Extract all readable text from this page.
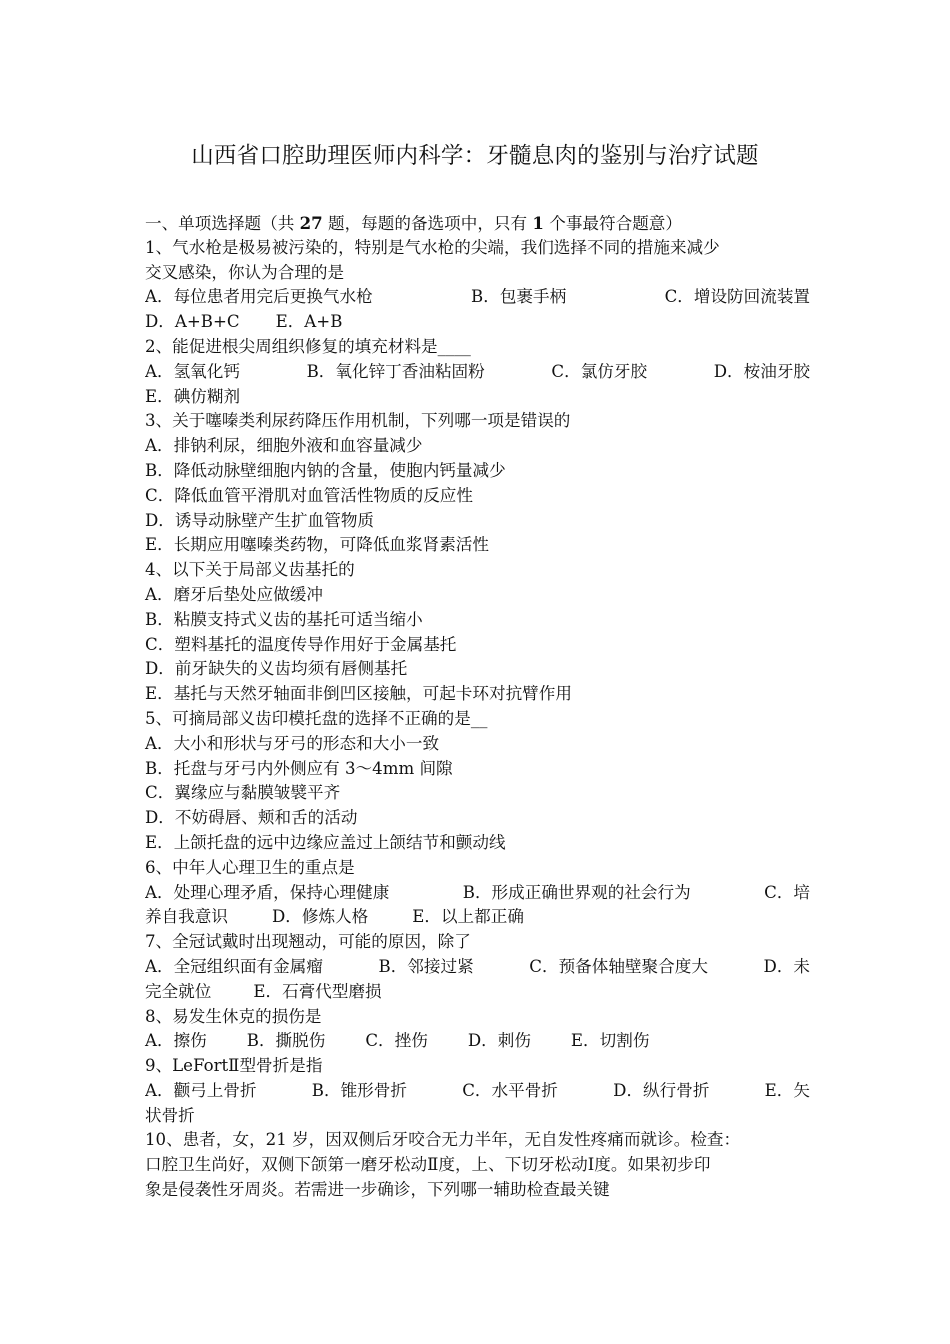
山西省口腔助理医师内科学：牙髓息肉的鉴别与治疗试题
一、单项选择题（共 27 题，每题的备选项中，只有 1 个事最符合题意）
1、气水枪是极易被污染的，特别是气水枪的尖端，我们选择不同的措施来减少
交叉感染，你认为合理的是
A．每位患者用完后更换气水枪	B．包裹手柄	C．增设防回流装置
D．A+B+C E．A+B
2、能促进根尖周组织修复的填充材料是____
A．氢氧化钙	B．氧化锌丁香油粘固粉	C．氯仿牙胶	D．桉油牙胶
E．碘仿糊剂
3、关于噻嗪类利尿药降压作用机制，下列哪一项是错误的
A．排钠利尿，细胞外液和血容量减少
B．降低动脉壁细胞内钠的含量，使胞内钙量减少
C．降低血管平滑肌对血管活性物质的反应性
D．诱导动脉壁产生扩血管物质
E．长期应用噻嗪类药物，可降低血浆肾素活性
4、以下关于局部义齿基托的
A．磨牙后垫处应做缓冲
B．粘膜支持式义齿的基托可适当缩小
C．塑料基托的温度传导作用好于金属基托
D．前牙缺失的义齿均须有唇侧基托
E．基托与天然牙轴面非倒凹区接触，可起卡环对抗臂作用
5、可摘局部义齿印模托盘的选择不正确的是__
A．大小和形状与牙弓的形态和大小一致
B．托盘与牙弓内外侧应有 3～4mm 间隙
C．翼缘应与黏膜皱襞平齐
D．不妨碍唇、颊和舌的活动
E．上颌托盘的远中边缘应盖过上颌结节和颤动线
6、中年人心理卫生的重点是
A．处理心理矛盾，保持心理健康	B．形成正确世界观的社会行为	C．培
养自我意识	D．修炼人格	E．以上都正确
7、全冠试戴时出现翘动，可能的原因，除了
A．全冠组织面有金属瘤	B．邻接过紧	C．预备体轴壁聚合度大	D．未
完全就位	E．石膏代型磨损
8、易发生休克的损伤是
A．擦伤 B．撕脱伤 C．挫伤 D．刺伤 E．切割伤
9、LeFortⅡ型骨折是指
A．颧弓上骨折	B．锥形骨折	C．水平骨折	D．纵行骨折	E．矢
状骨折
10、患者，女，21 岁，因双侧后牙咬合无力半年，无自发性疼痛而就诊。检查：
口腔卫生尚好，双侧下颌第一磨牙松动Ⅱ度，上、下切牙松动Ⅰ度。如果初步印
象是侵袭性牙周炎。若需进一步确诊，下列哪一辅助检查最关键
